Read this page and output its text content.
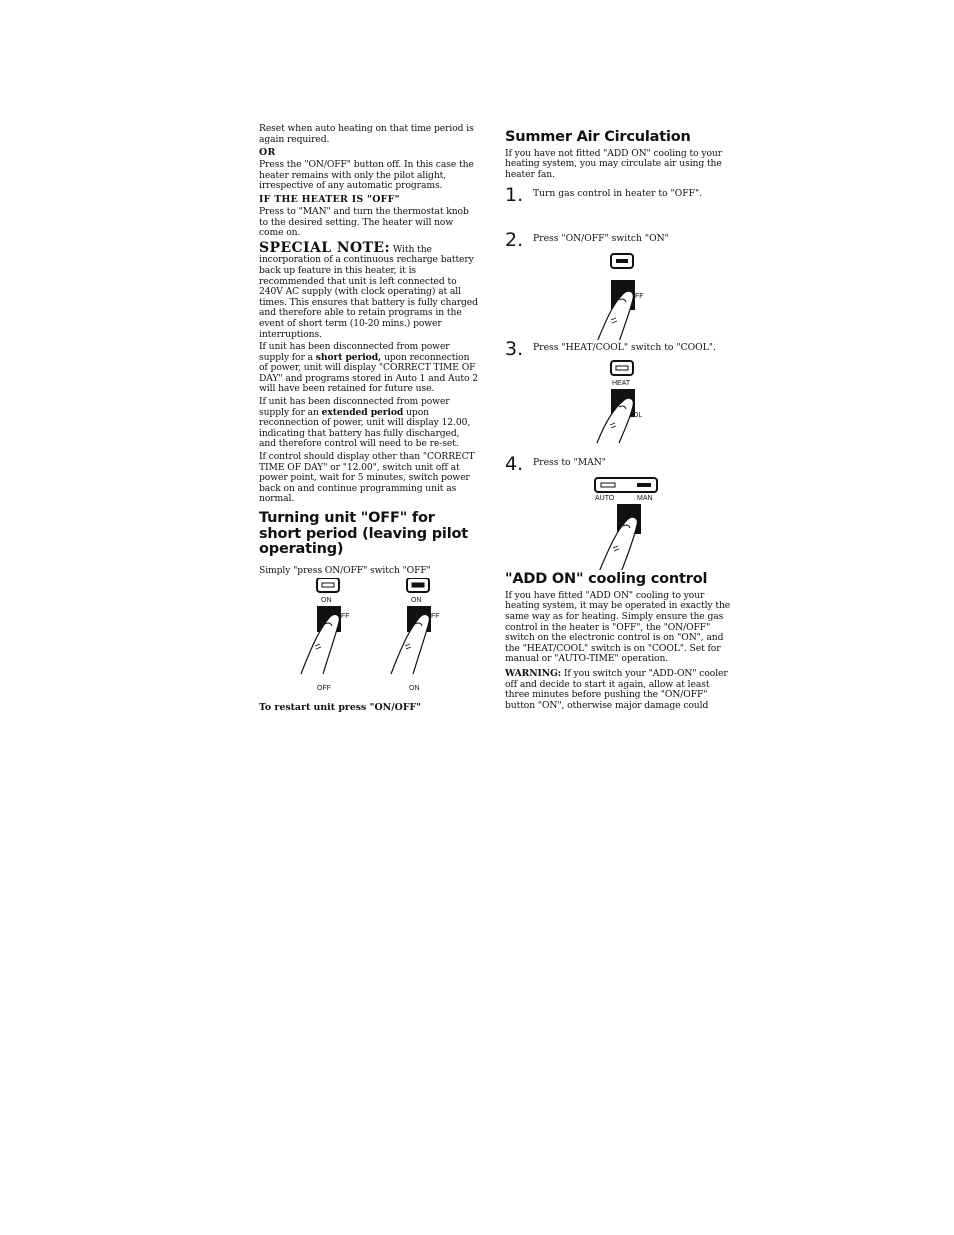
Reset when auto heating on that time period is again required.

OR

Press the "ON/OFF" button off. In this case the heater remains with only the pilot alight, irrespective of any automatic programs.

IF THE HEATER IS "OFF"

Press to "MAN" and turn the thermostat knob to the desired setting. The heater will now come on.

SPECIAL NOTE: With the incorporation of a continuous recharge battery back up feature in this heater, it is recommended that unit is left connected to 240V AC supply (with clock operating) at all times. This ensures that battery is fully charged and therefore able to retain programs in the event of short term (10-20 mins.) power interruptions.

If unit has been disconnected from power supply for a short period, upon reconnection of power, unit will display "CORRECT TIME OF DAY" and programs stored in Auto 1 and Auto 2 will have been retained for future use.

If unit has been disconnected from power supply for an extended period upon reconnection of power, unit will display 12.00, indicating that battery has fully discharged, and therefore control will need to be re-set.

If control should display other than "CORRECT TIME OF DAY" or "12.00", switch unit off at power point, wait for 5 minutes, switch power back on and continue programming unit as normal.

Turning unit "OFF" for short period (leaving pilot operating)

Simply "press ON/OFF" switch "OFF"

ON
FF
OFF
ON
FF
ON

To restart unit press "ON/OFF"

Summer Air Circulation

If you have not fitted "ADD ON" cooling to your heating system, you may circulate air using the heater fan.

1.	Turn gas control in heater to "OFF".
2.	Press "ON/OFF" switch "ON"
FF
3.	Press "HEAT/COOL" switch to "COOL".
HEAT
OL
4.	Press to "MAN"
AUTO	MAN
"ADD ON" cooling control

If you have fitted "ADD ON" cooling to your heating system, it may be operated in exactly the same way as for heating. Simply ensure the gas control in the heater is "OFF", the "ON/OFF" switch on the electronic control is on "ON", and the "HEAT/COOL" switch is on "COOL". Set for manual or "AUTO-TIME" operation.

WARNING: If you switch your "ADD-ON" cooler off and decide to start it again, allow at least three minutes before pushing the "ON/OFF" button "ON", otherwise major damage could
